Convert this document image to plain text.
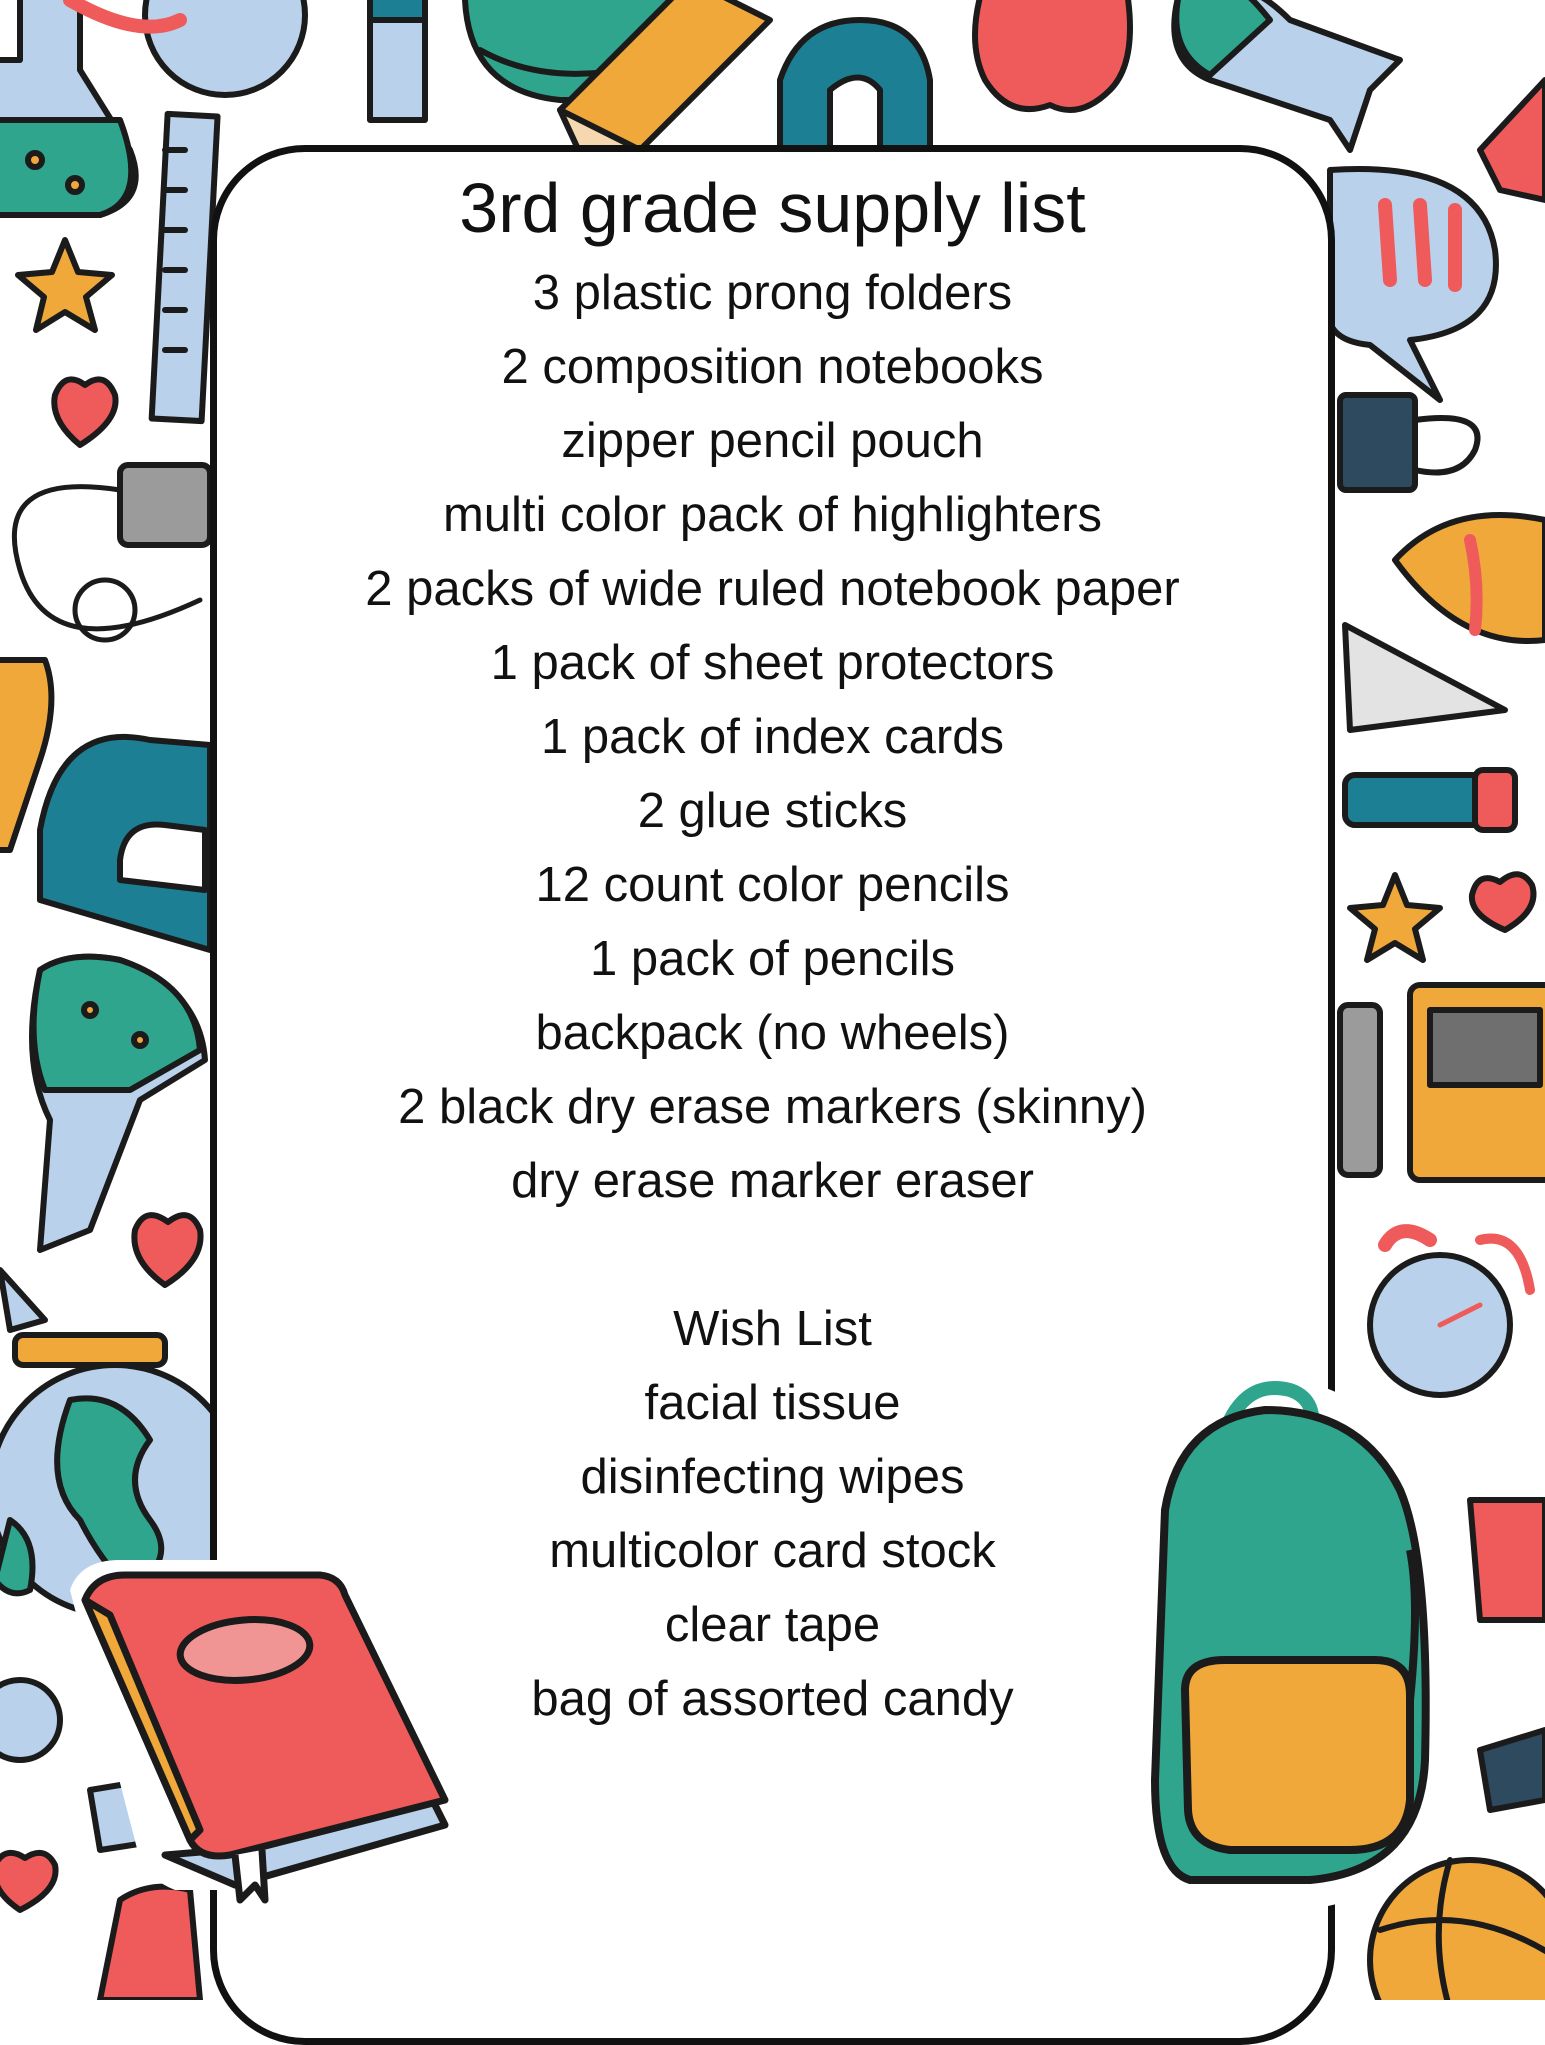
3rd grade supply list
3 plastic prong folders
2 composition notebooks
zipper pencil pouch
multi color pack of highlighters
2 packs of wide ruled notebook paper
1 pack of sheet protectors
1 pack of index cards
2 glue sticks
12 count color pencils
1 pack of pencils
backpack (no wheels)
2 black dry erase markers (skinny)
dry erase marker eraser
Wish List
facial tissue
disinfecting wipes
multicolor card stock
clear tape
bag of assorted candy
